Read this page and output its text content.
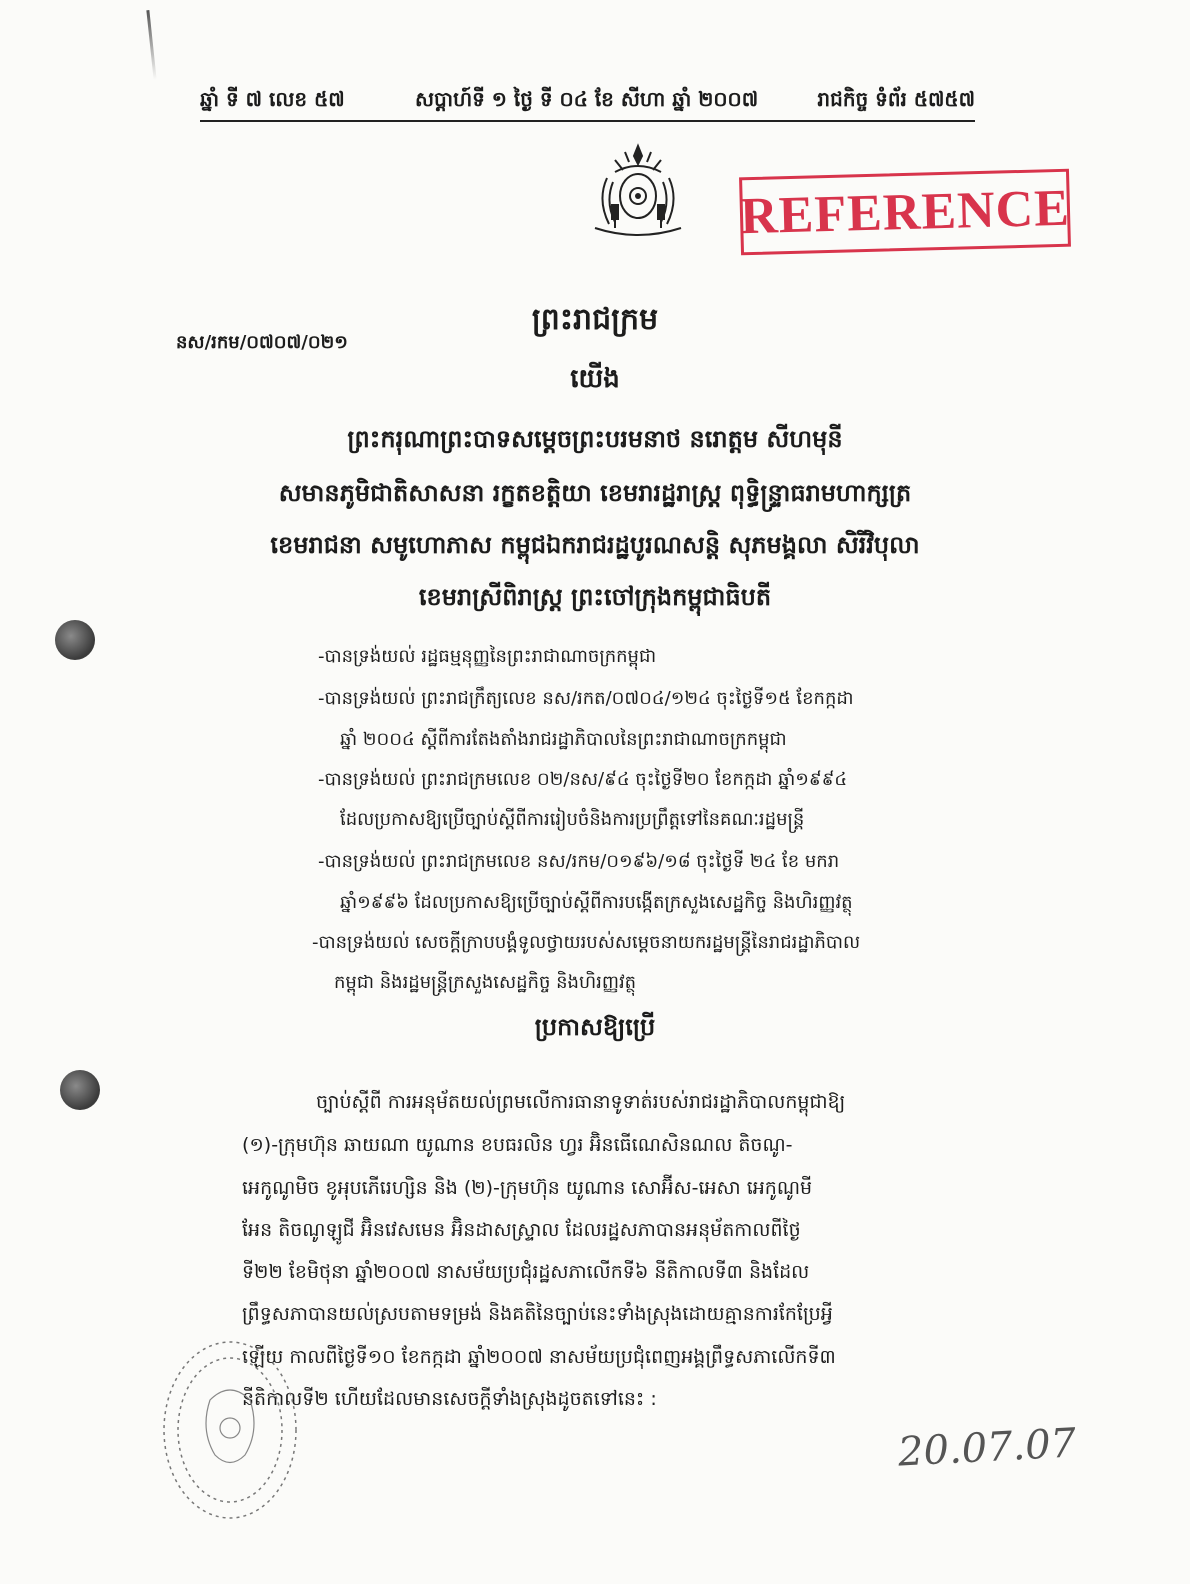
ឆ្នាំ ទី ៧ លេខ ៥៧	សប្តាហ៍ទី ១ ថ្ងៃ ទី ០៤ ខែ សីហា ឆ្នាំ ២០០៧	រាជកិច្ច ទំព័រ ៥៧៥៧
REFERENCE
នស/រកម/០៧០៧/០២១
ព្រះរាជក្រម
យើង
ព្រះករុណាព្រះបាទសម្តេចព្រះបរមនាថ នរោត្តម សីហមុនី
សមានភូមិជាតិសាសនា រក្ខតខត្តិយា ខេមរារដ្ឋរាស្ត្រ ពុទ្ធិន្ទ្រាធរាមហាក្សត្រ
ខេមរាជនា សមូហោភាស កម្ពុជឯករាជរដ្ឋបូរណសន្តិ សុភមង្គលា សិរីវិបុលា
ខេមរាស្រីពិរាស្ត្រ ព្រះចៅក្រុងកម្ពុជាធិបតី
-បានទ្រង់យល់ រដ្ឋធម្មនុញ្ញនៃព្រះរាជាណាចក្រកម្ពុជា
-បានទ្រង់យល់ ព្រះរាជក្រឹត្យលេខ នស/រកត/០៧០៤/១២៤ ចុះថ្ងៃទី១៥ ខែកក្កដា
ឆ្នាំ ២០០៤ ស្តីពីការតែងតាំងរាជរដ្ឋាភិបាលនៃព្រះរាជាណាចក្រកម្ពុជា
-បានទ្រង់យល់ ព្រះរាជក្រមលេខ ០២/នស/៩៤ ចុះថ្ងៃទី២០ ខែកក្កដា ឆ្នាំ១៩៩៤
ដែលប្រកាសឱ្យប្រើច្បាប់ស្តីពីការរៀបចំនិងការប្រព្រឹត្តទៅនៃគណៈរដ្ឋមន្ត្រី
-បានទ្រង់យល់ ព្រះរាជក្រមលេខ នស/រកម/០១៩៦/១៨ ចុះថ្ងៃទី ២៤ ខែ មករា
ឆ្នាំ១៩៩៦ ដែលប្រកាសឱ្យប្រើច្បាប់ស្តីពីការបង្កើតក្រសួងសេដ្ឋកិច្ច និងហិរញ្ញវត្ថុ
-បានទ្រង់យល់ សេចក្តីក្រាបបង្គំទូលថ្វាយរបស់សម្តេចនាយករដ្ឋមន្ត្រីនៃរាជរដ្ឋាភិបាល
កម្ពុជា និងរដ្ឋមន្ត្រីក្រសួងសេដ្ឋកិច្ច និងហិរញ្ញវត្ថុ
ប្រកាសឱ្យប្រើ
ច្បាប់ស្តីពី ការអនុម័តយល់ព្រមលើការធានាទូទាត់របស់រាជរដ្ឋាភិបាលកម្ពុជាឱ្យ
(១)-ក្រុមហ៊ុន ឆាយណា យូណាន ខបធរលិន ហ្វរ អ៊ិនធើណេសិនណល តិចណូ-
អេកូណូមិច ខូអុបភើរេហ្សិន និង (២)-ក្រុមហ៊ុន យូណាន សោអ៊ីស-អេសា អេកូណូមី
អែន តិចណូឡូជី អ៊ិនវេសមេន អ៊ិនដាសស្ទ្រាល ដែលរដ្ឋសភាបានអនុម័តកាលពីថ្ងៃ
ទី២២ ខែមិថុនា ឆ្នាំ២០០៧ នាសម័យប្រជុំរដ្ឋសភាលើកទី៦ នីតិកាលទី៣ និងដែល
ព្រឹទ្ធសភាបានយល់ស្របតាមទម្រង់ និងគតិនៃច្បាប់នេះទាំងស្រុងដោយគ្មានការកែប្រែអ្វី
ឡើយ កាលពីថ្ងៃទី១០ ខែកក្កដា ឆ្នាំ២០០៧ នាសម័យប្រជុំពេញអង្គព្រឹទ្ធសភាលើកទី៣
នីតិកាលទី២ ហើយដែលមានសេចក្តីទាំងស្រុងដូចតទៅនេះ :
20.07.07
